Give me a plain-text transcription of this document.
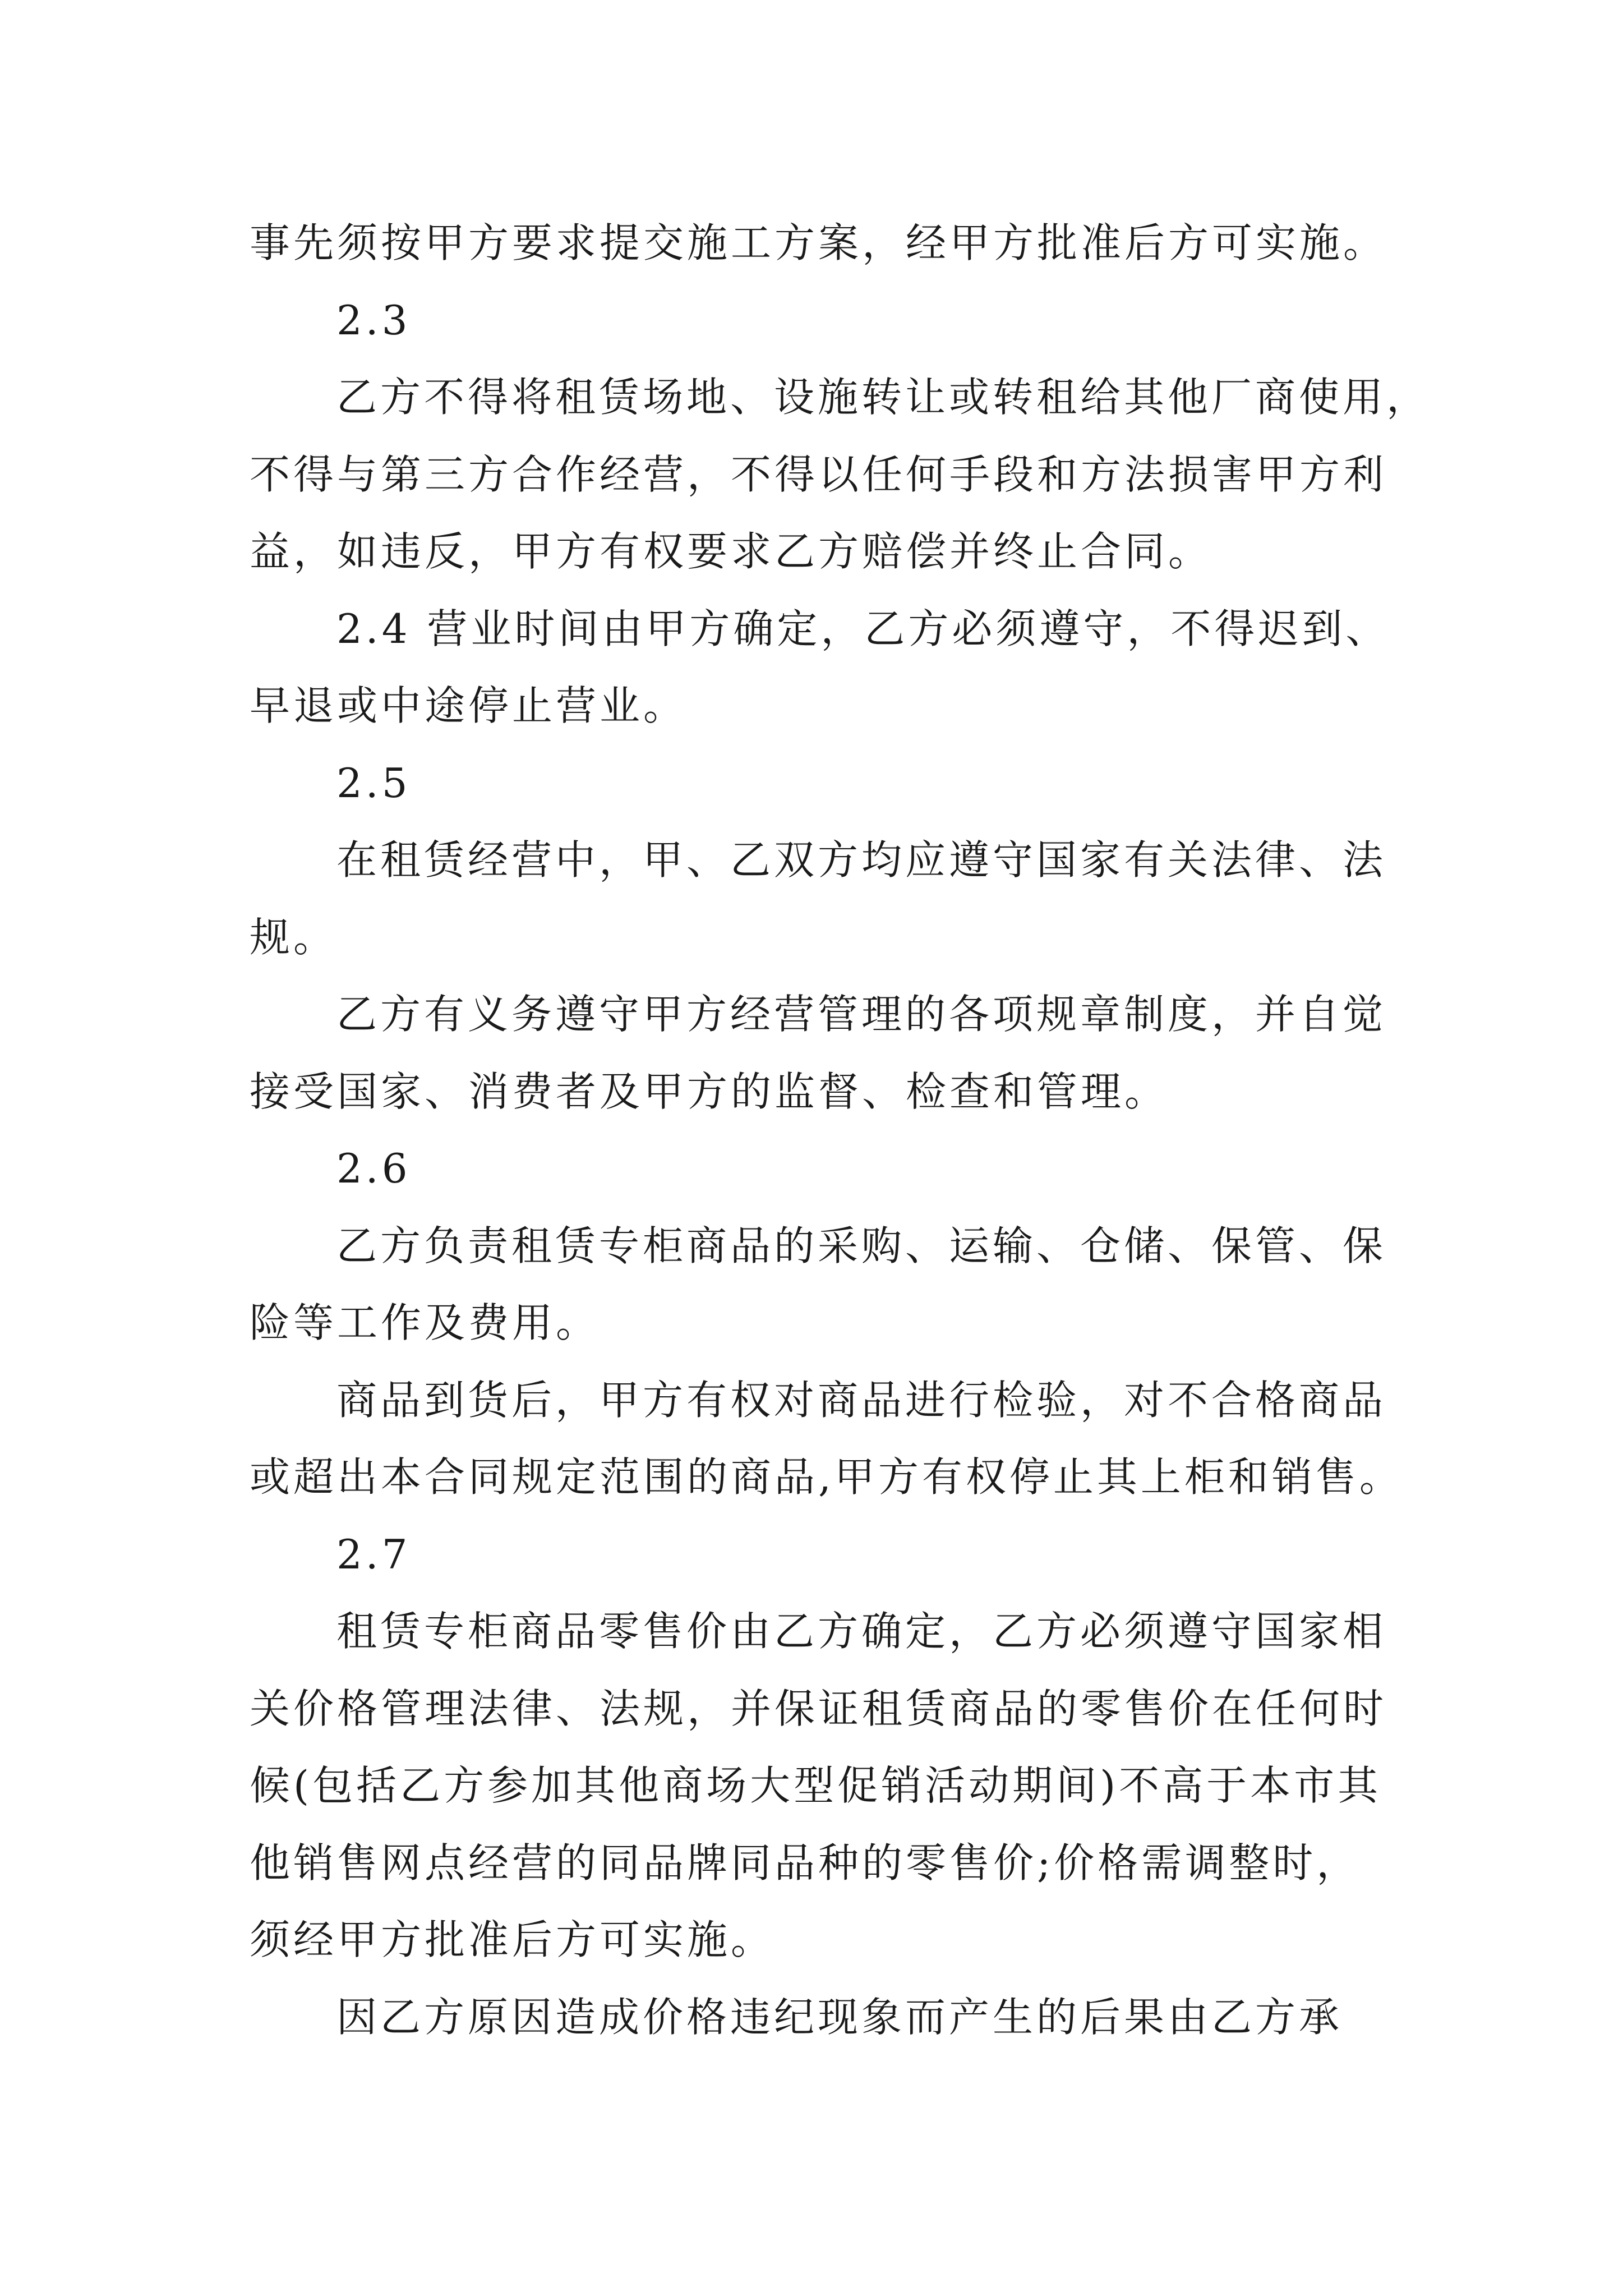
事先须按甲方要求提交施工方案，经甲方批准后方可实施。
2.3
乙方不得将租赁场地、设施转让或转租给其他厂商使用，
不得与第三方合作经营，不得以任何手段和方法损害甲方利
益，如违反，甲方有权要求乙方赔偿并终止合同。
2.4 营业时间由甲方确定，乙方必须遵守，不得迟到、
早退或中途停止营业。
2.5
在租赁经营中，甲、乙双方均应遵守国家有关法律、法
规。
乙方有义务遵守甲方经营管理的各项规章制度，并自觉
接受国家、消费者及甲方的监督、检查和管理。
2.6
乙方负责租赁专柜商品的采购、运输、仓储、保管、保
险等工作及费用。
商品到货后，甲方有权对商品进行检验，对不合格商品
或超出本合同规定范围的商品,甲方有权停止其上柜和销售。
2.7
租赁专柜商品零售价由乙方确定，乙方必须遵守国家相
关价格管理法律、法规，并保证租赁商品的零售价在任何时
候(包括乙方参加其他商场大型促销活动期间)不高于本市其
他销售网点经营的同品牌同品种的零售价;价格需调整时，
须经甲方批准后方可实施。
因乙方原因造成价格违纪现象而产生的后果由乙方承
